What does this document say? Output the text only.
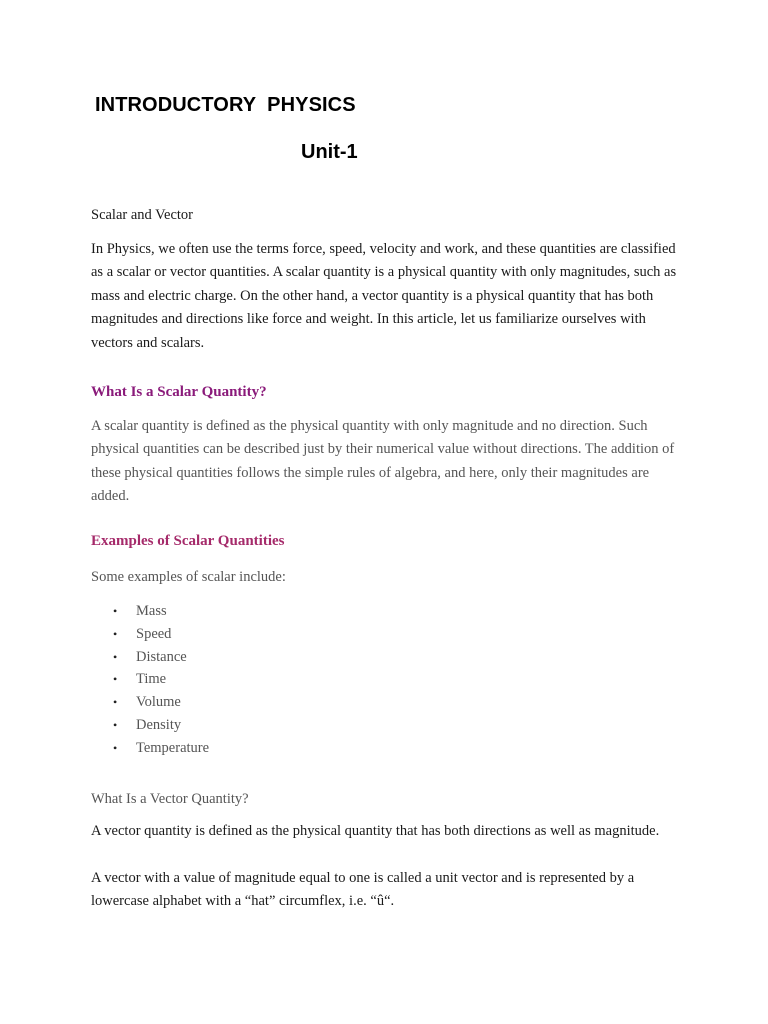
INTRODUCTORY  PHYSICS
Unit-1
Scalar and Vector
In Physics, we often use the terms force, speed, velocity and work, and these quantities are classified as a scalar or vector quantities. A scalar quantity is a physical quantity with only magnitudes, such as mass and electric charge. On the other hand, a vector quantity is a physical quantity that has both magnitudes and directions like force and weight. In this article, let us familiarize ourselves with vectors and scalars.
What Is a Scalar Quantity?
A scalar quantity is defined as the physical quantity with only magnitude and no direction. Such physical quantities can be described just by their numerical value without directions. The addition of these physical quantities follows the simple rules of algebra, and here, only their magnitudes are added.
Examples of Scalar Quantities
Some examples of scalar include:
• Mass
• Speed
• Distance
• Time
• Volume
• Density
• Temperature
What Is a Vector Quantity?
A vector quantity is defined as the physical quantity that has both directions as well as magnitude.
A vector with a value of magnitude equal to one is called a unit vector and is represented by a lowercase alphabet with a “hat” circumflex, i.e. “û“.
